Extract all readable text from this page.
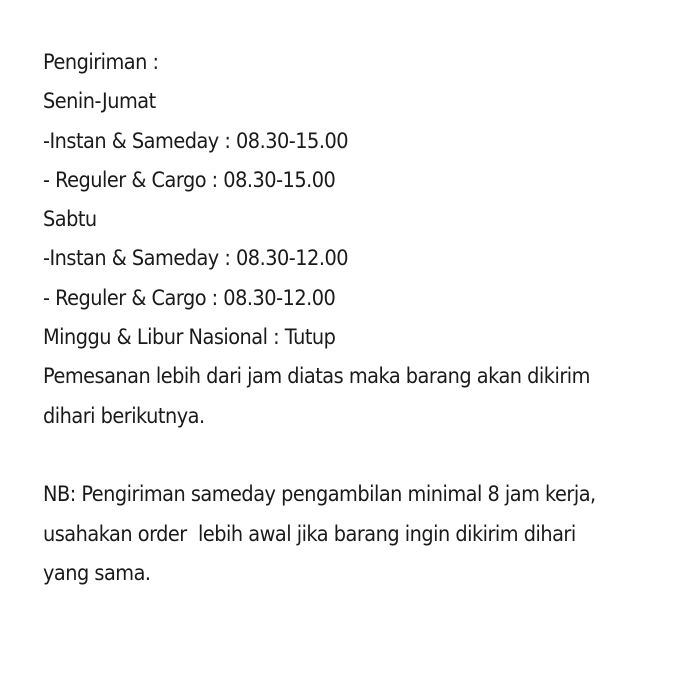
Pengiriman :
Senin-Jumat
-Instan & Sameday : 08.30-15.00
- Reguler & Cargo : 08.30-15.00
Sabtu
-Instan & Sameday : 08.30-12.00
- Reguler & Cargo : 08.30-12.00
Minggu & Libur Nasional : Tutup
Pemesanan lebih dari jam diatas maka barang akan dikirim
dihari berikutnya.
NB: Pengiriman sameday pengambilan minimal 8 jam kerja,
usahakan order  lebih awal jika barang ingin dikirim dihari
yang sama.
